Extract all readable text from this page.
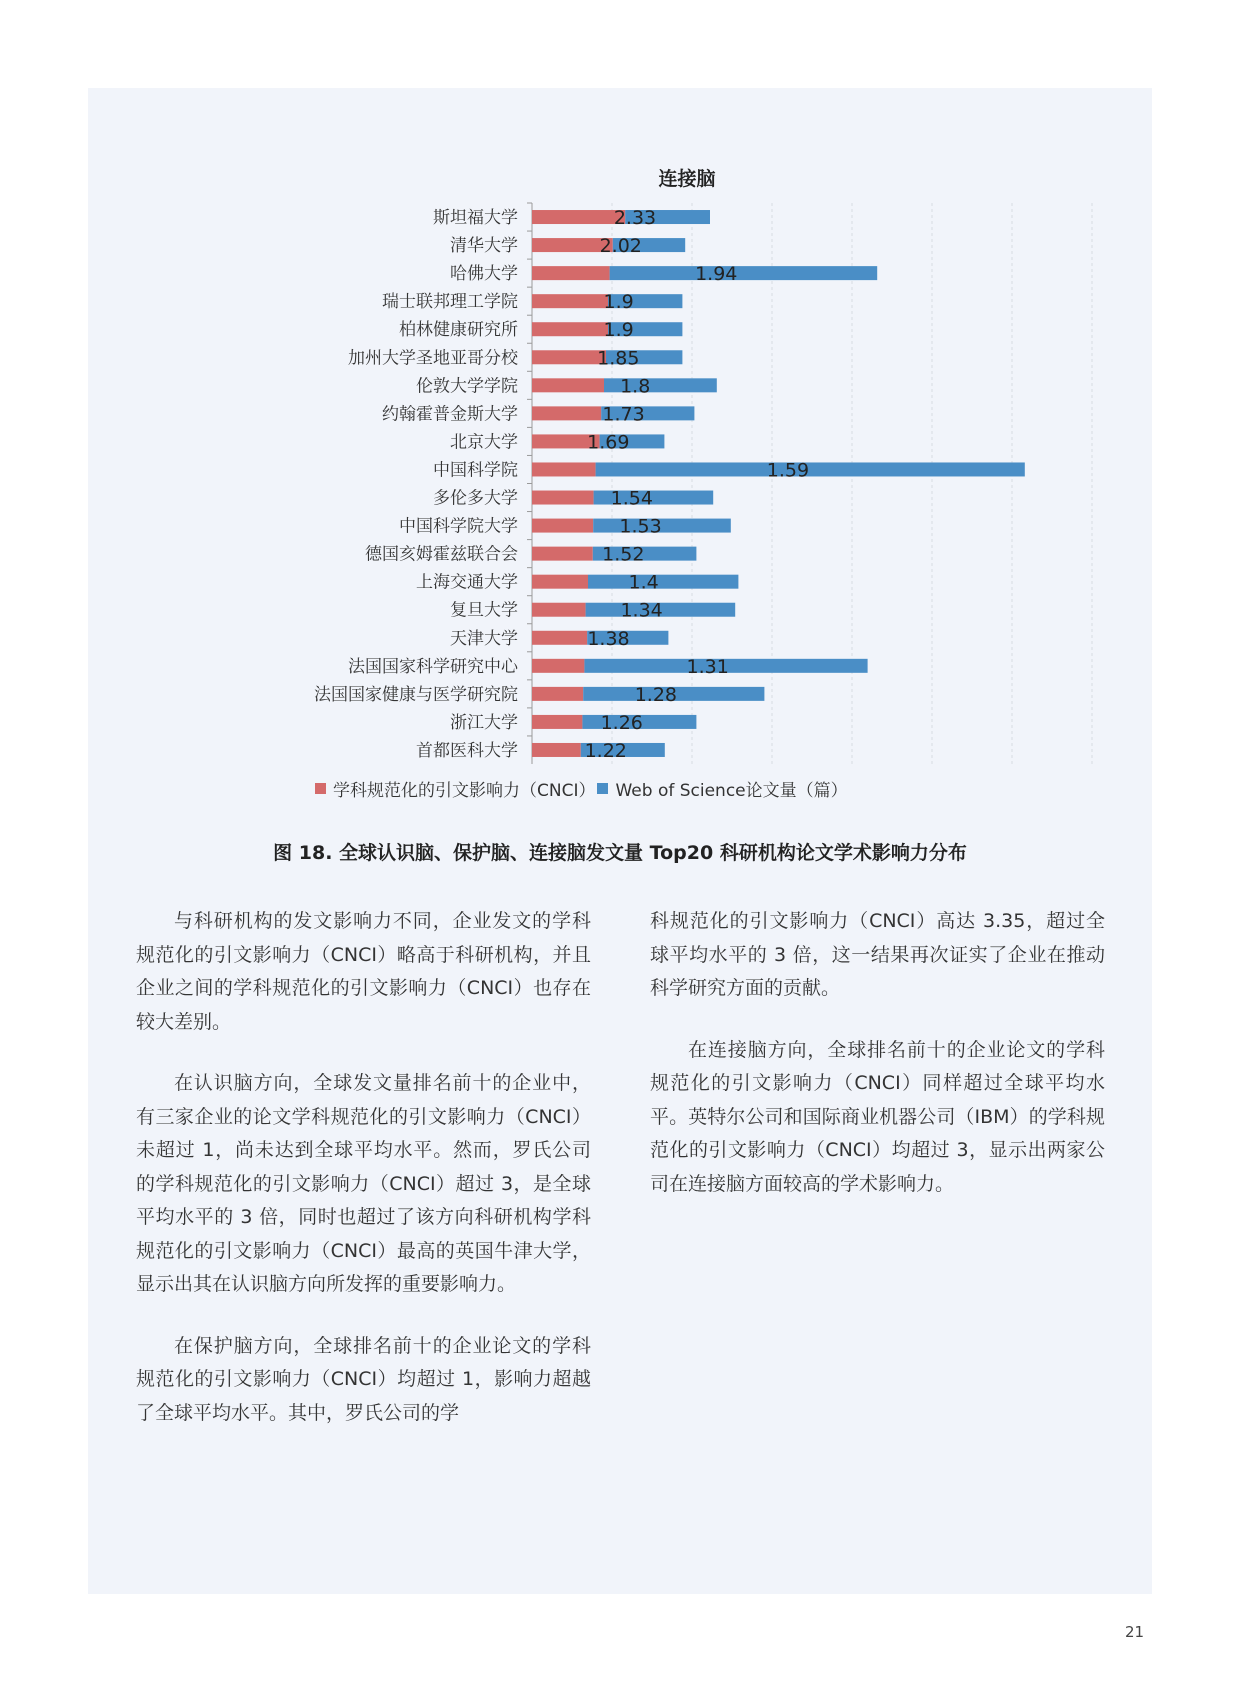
斯坦福大学	2.33
清华大学	2.02
哈佛大学	1.94
瑞士联邦理工学院	1.9
柏林健康研究所	1.9
加州大学圣地亚哥分校	1.85
伦敦大学学院	1.8
约翰霍普金斯大学	1.73
北京大学	1.69
中国科学院	1.59
多伦多大学	1.54
中国科学院大学	1.53
德国亥姆霍兹联合会	1.52
上海交通大学	1.4
复旦大学	1.34
天津大学	1.38
法国国家科学研究中心	1.31
法国国家健康与医学研究院	1.28
浙江大学	1.26
首都医科大学	1.22
连接脑
学科规范化的引文影响力（CNCI） Web of Science论文量（篇）
图 18. 全球认识脑、保护脑、连接脑发文量 Top20 科研机构论文学术影响力分布

与科研机构的发文影响力不同，企业发文的学科规范化的引文影响力（CNCI）略高于科研机构，并且企业之间的学科规范化的引文影响力（CNCI）也存在较大差别。

在认识脑方向，全球发文量排名前十的企业中，有三家企业的论文学科规范化的引文影响力（CNCI）未超过 1，尚未达到全球平均水平。然而，罗氏公司的学科规范化的引文影响力（CNCI）超过 3，是全球平均水平的 3 倍，同时也超过了该方向科研机构学科规范化的引文影响力（CNCI）最高的英国牛津大学，显示出其在认识脑方向所发挥的重要影响力。

在保护脑方向，全球排名前十的企业论文的学科规范化的引文影响力（CNCI）均超过 1，影响力超越了全球平均水平。其中，罗氏公司的学

科规范化的引文影响力（CNCI）高达 3.35，超过全球平均水平的 3 倍，这一结果再次证实了企业在推动科学研究方面的贡献。

在连接脑方向，全球排名前十的企业论文的学科规范化的引文影响力（CNCI）同样超过全球平均水平。英特尔公司和国际商业机器公司（IBM）的学科规范化的引文影响力（CNCI）均超过 3，显示出两家公司在连接脑方面较高的学术影响力。

21
